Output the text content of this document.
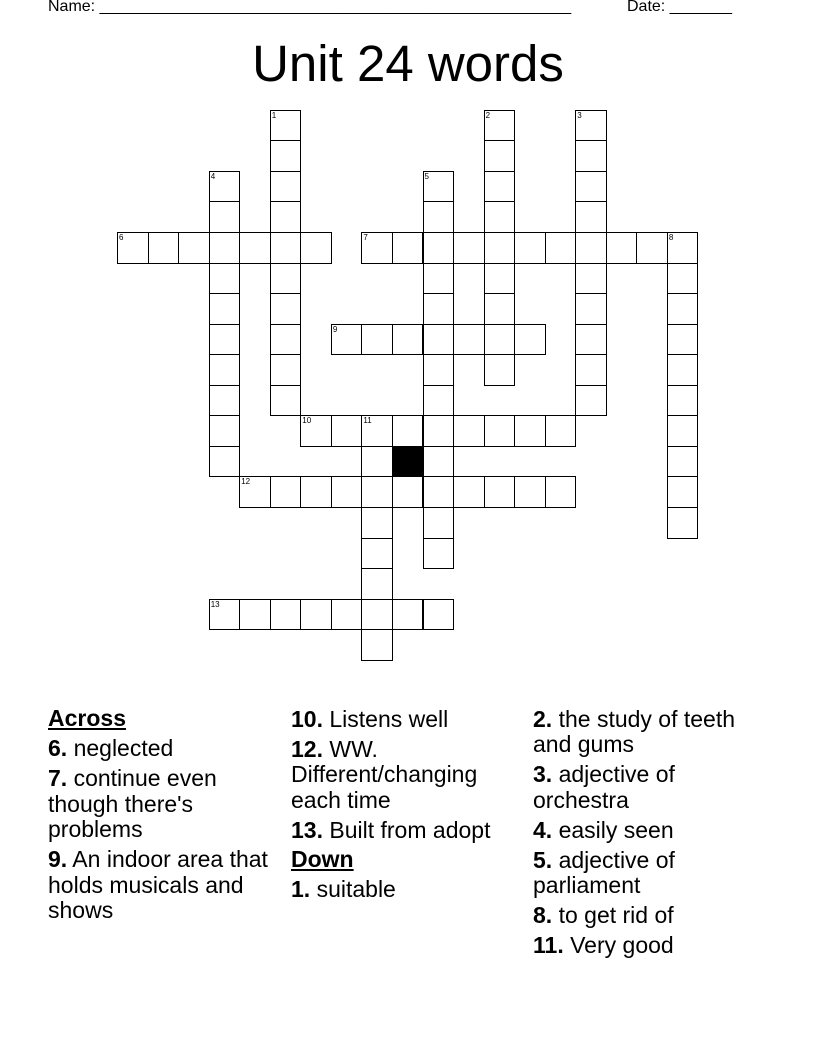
Name: _____________________________________________________	Date: _______
Unit 24 words
1	2	3
4	5
6	7	8
9
10	11
12
13
Across
6. neglected
7. continue even though there's problems
9. An indoor area that holds musicals and shows
10. Listens well
12. WW. Different/changing each time
13. Built from adopt
Down
1. suitable
2. the study of teeth and gums
3. adjective of orchestra
4. easily seen
5. adjective of parliament
8. to get rid of
11. Very good
